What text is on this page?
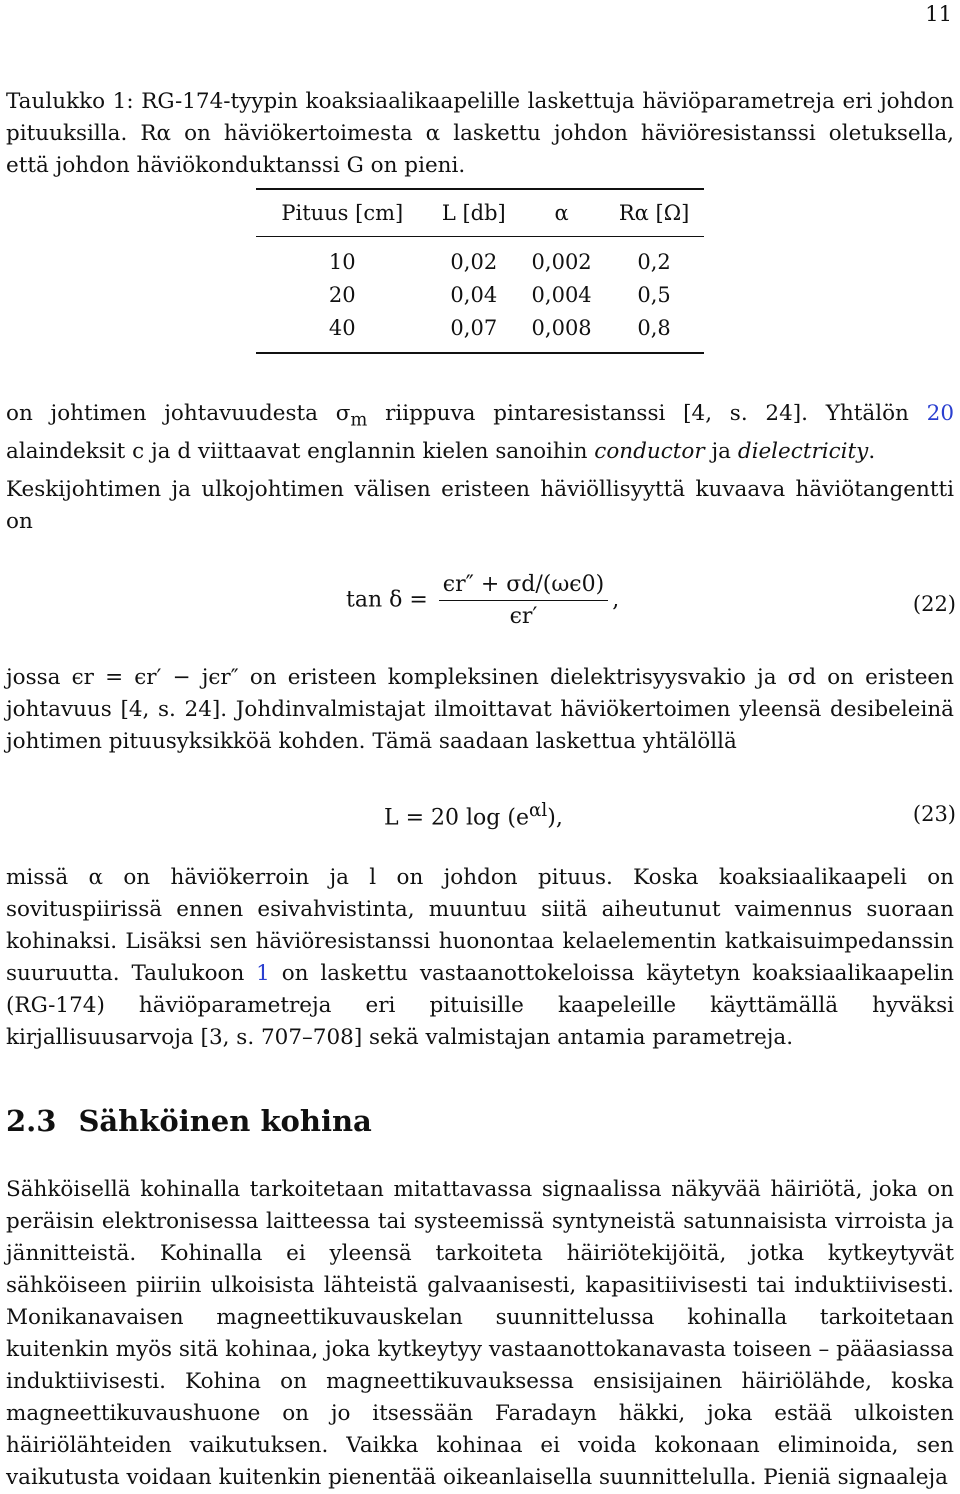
11

Taulukko 1: RG-174-tyypin koaksiaalikaapelille laskettuja häviöparametreja eri johdon pituuksilla. Rα on häviökertoimesta α laskettu johdon häviöresistanssi oletuksella, että johdon häviökonduktanssi G on pieni.

Pituus [cm]	L [db]	α	Rα [Ω]
10	0,02	0,002	0,2
20	0,04	0,004	0,5
40	0,07	0,008	0,8

on johtimen johtavuudesta $\sigma_m$ riippuva pintaresistanssi [4, s. 24]. Yhtälön 20 alaindeksit c ja d viittaavat englannin kielen sanoihin conductor ja dielectricity.

Keskijohtimen ja ulkojohtimen välisen eristeen häviöllisyyttä kuvaava häviötangentti on

$\tan \delta = \frac{\epsilon r'' + \sigma d/(\omega\epsilon 0)}{\epsilon r'}$ ,	(22)

jossa ϵr = ϵr′ − jϵr″ on eristeen kompleksinen dielektrisyysvakio ja σd on eristeen johtavuus [4, s. 24]. Johdinvalmistajat ilmoittavat häviökertoimen yleensä desibeleinä johtimen pituusyksikköä kohden. Tämä saadaan laskettua yhtälöllä

L = 20 $\log (e^{\alpha l})$,	(23)

missä α on häviökerroin ja l on johdon pituus. Koska koaksiaalikaapeli on sovituspiirissä ennen esivahvistinta, muuntuu siitä aiheutunut vaimennus suoraan kohinaksi. Lisäksi sen häviöresistanssi huonontaa kelaelementin katkaisuimpedanssin suuruutta. Taulukoon 1 on laskettu vastaanottokeloissa käytetyn koaksiaalikaapelin (RG-174) häviöparametreja eri pituisille kaapeleille käyttämällä hyväksi kirjallisuusarvoja [3, s. 707–708] sekä valmistajan antamia parametreja.

2.3 Sähköinen kohina

Sähköisellä kohinalla tarkoitetaan mitattavassa signaalissa näkyvää häiriötä, joka on peräisin elektronisessa laitteessa tai systeemissä syntyneistä satunnaisista virroista ja jännitteistä. Kohinalla ei yleensä tarkoiteta häiriötekijöitä, jotka kytkeytyvät sähköiseen piiriin ulkoisista lähteistä galvaanisesti, kapasitiivisesti tai induktiivisesti. Monikanavaisen magneettikuvauskelan suunnittelussa kohinalla tarkoitetaan kuitenkin myös sitä kohinaa, joka kytkeytyy vastaanottokanavasta toiseen – pääasiassa induktiivisesti. Kohina on magneettikuvauksessa ensisijainen häiriölähde, koska magneettikuvaushuone on jo itsessään Faradayn häkki, joka estää ulkoisten häiriölähteiden vaikutuksen. Vaikka kohinaa ei voida kokonaan eliminoida, sen vaikutusta voidaan kuitenkin pienentää oikeanlaisella suunnittelulla. Pieniä signaaleja
